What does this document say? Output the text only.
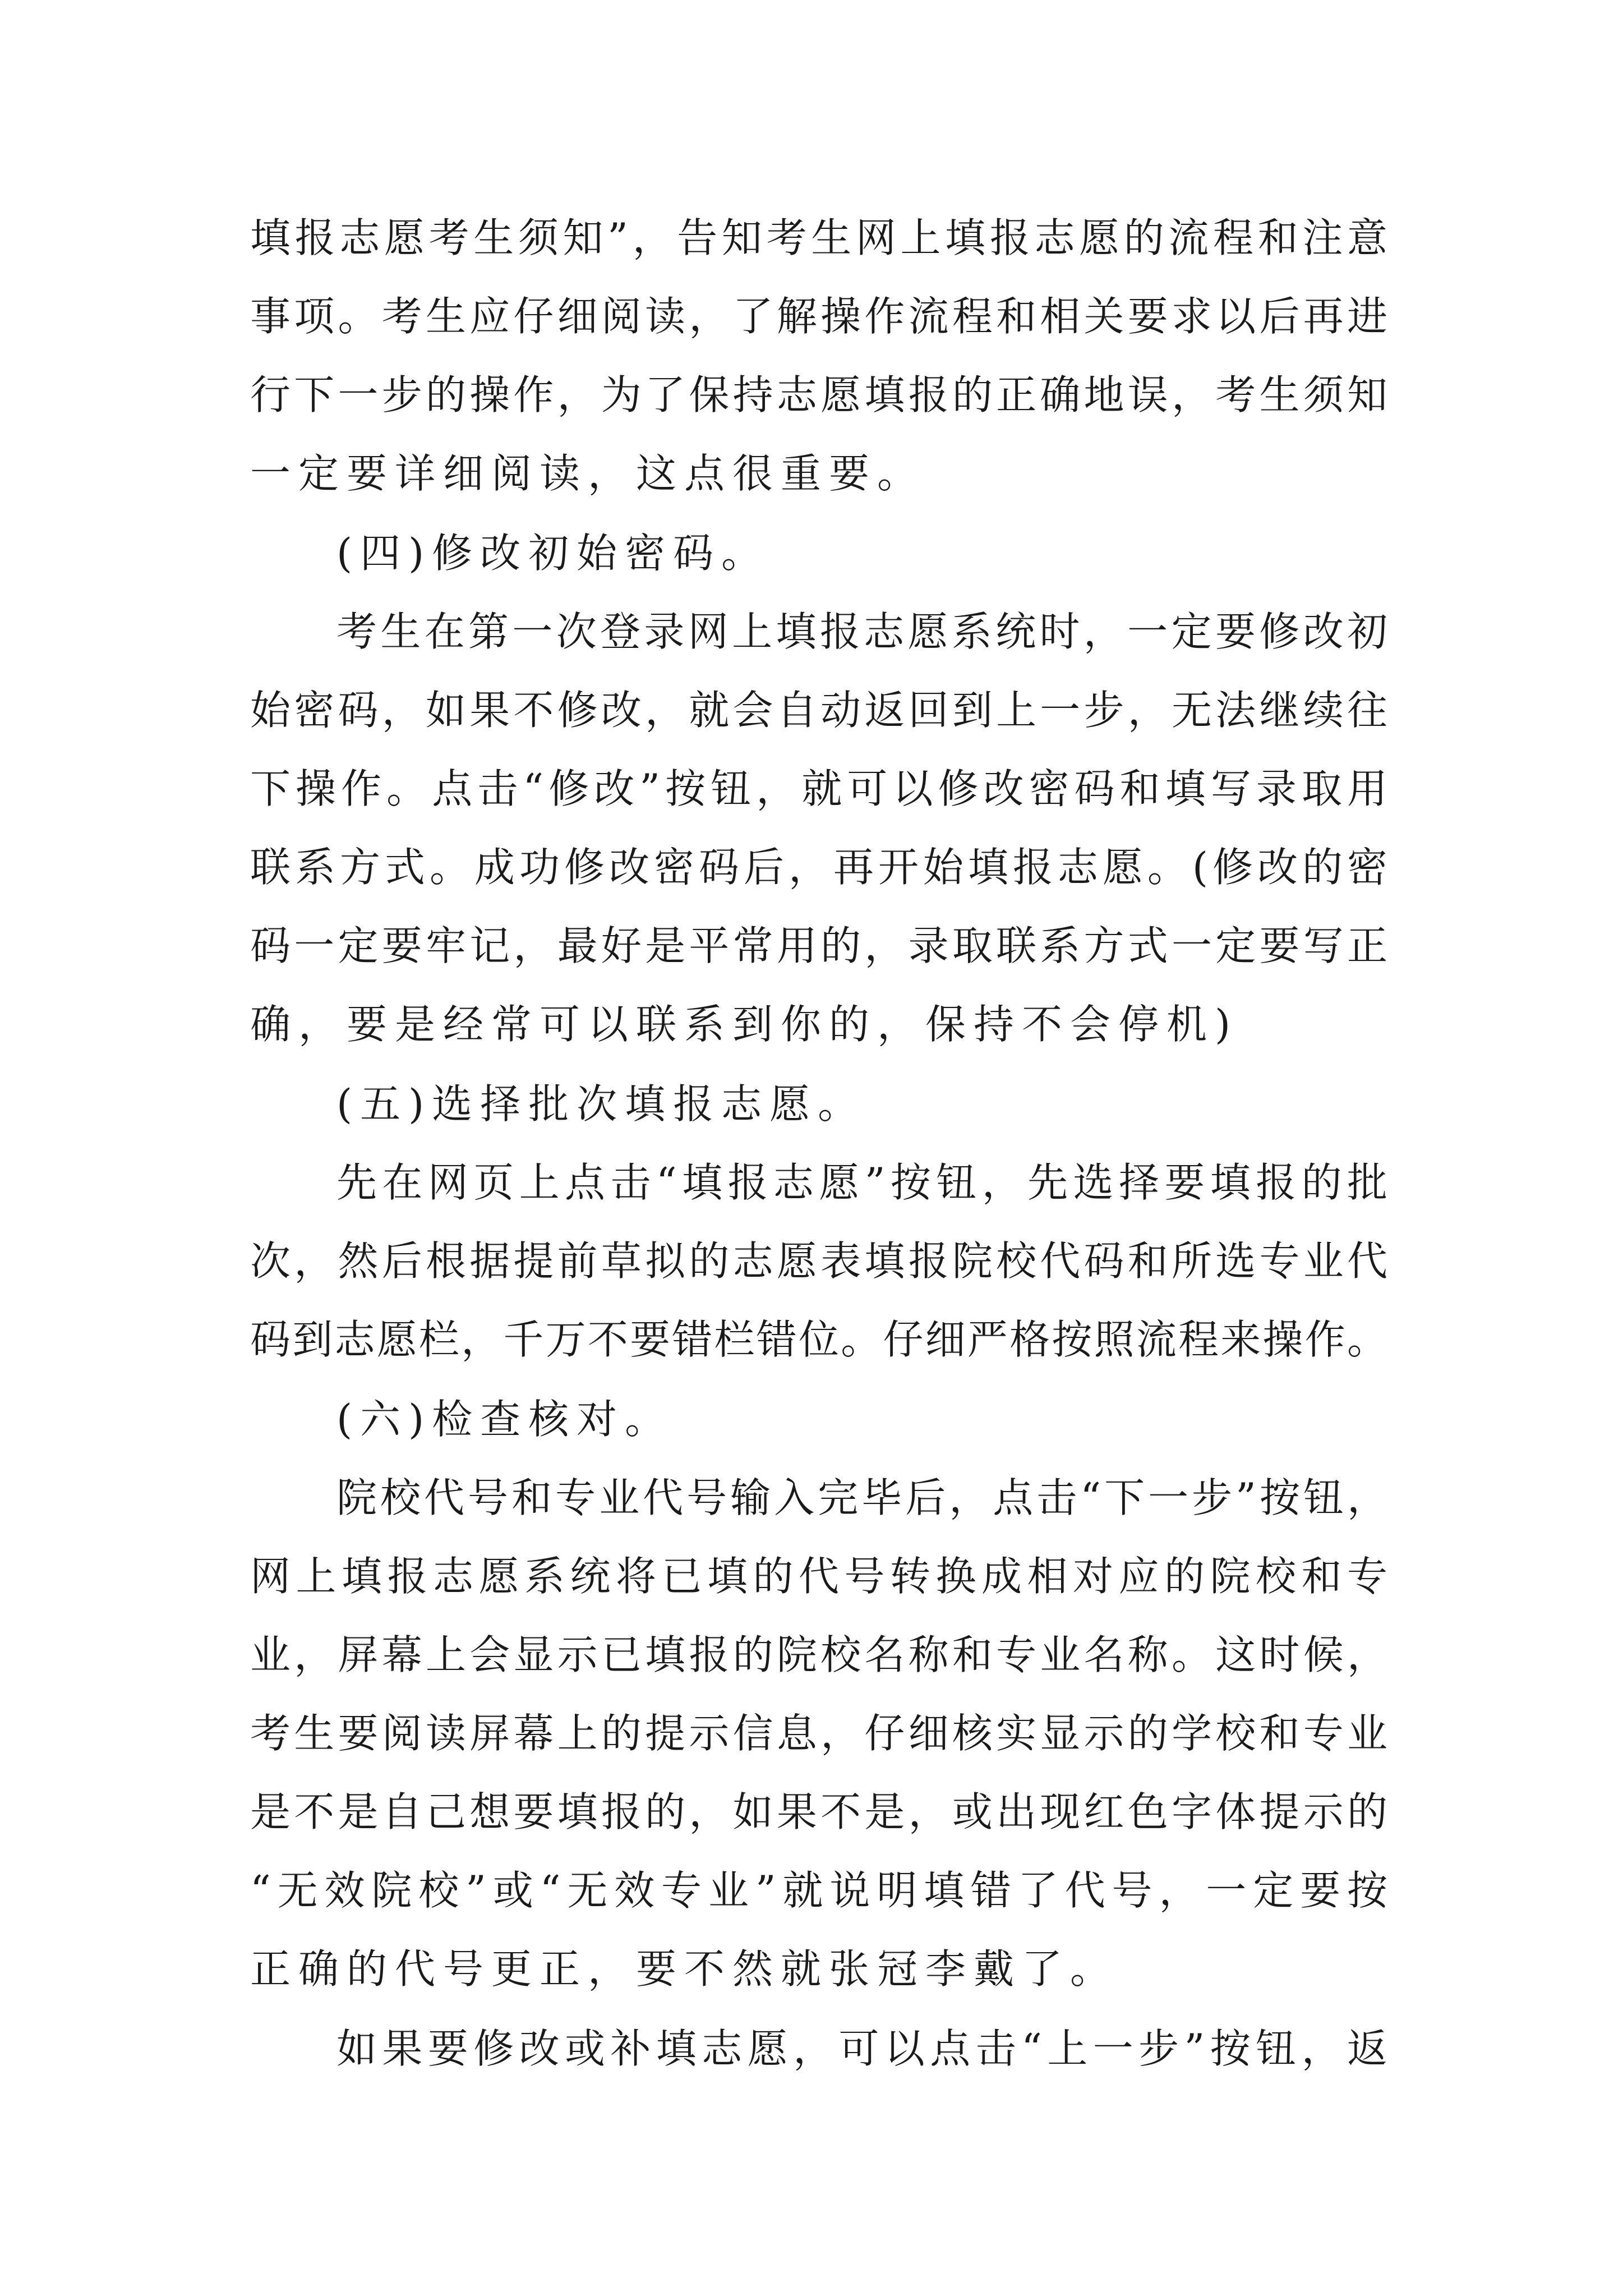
填报志愿考生须知”，告知考生网上填报志愿的流程和注意
事项。考生应仔细阅读，了解操作流程和相关要求以后再进
行下一步的操作，为了保持志愿填报的正确地误，考生须知
一定要详细阅读，这点很重要。
(四)修改初始密码。
考生在第一次登录网上填报志愿系统时，一定要修改初
始密码，如果不修改，就会自动返回到上一步，无法继续往
下操作。点击“修改”按钮，就可以修改密码和填写录取用
联系方式。成功修改密码后，再开始填报志愿。(修改的密
码一定要牢记，最好是平常用的，录取联系方式一定要写正
确，要是经常可以联系到你的，保持不会停机)
(五)选择批次填报志愿。
先在网页上点击“填报志愿”按钮，先选择要填报的批
次，然后根据提前草拟的志愿表填报院校代码和所选专业代
码到志愿栏，千万不要错栏错位。仔细严格按照流程来操作。
(六)检查核对。
院校代号和专业代号输入完毕后，点击“下一步”按钮，
网上填报志愿系统将已填的代号转换成相对应的院校和专
业，屏幕上会显示已填报的院校名称和专业名称。这时候，
考生要阅读屏幕上的提示信息，仔细核实显示的学校和专业
是不是自己想要填报的，如果不是，或出现红色字体提示的
“无效院校”或“无效专业”就说明填错了代号，一定要按
正确的代号更正，要不然就张冠李戴了。
如果要修改或补填志愿，可以点击“上一步”按钮，返
